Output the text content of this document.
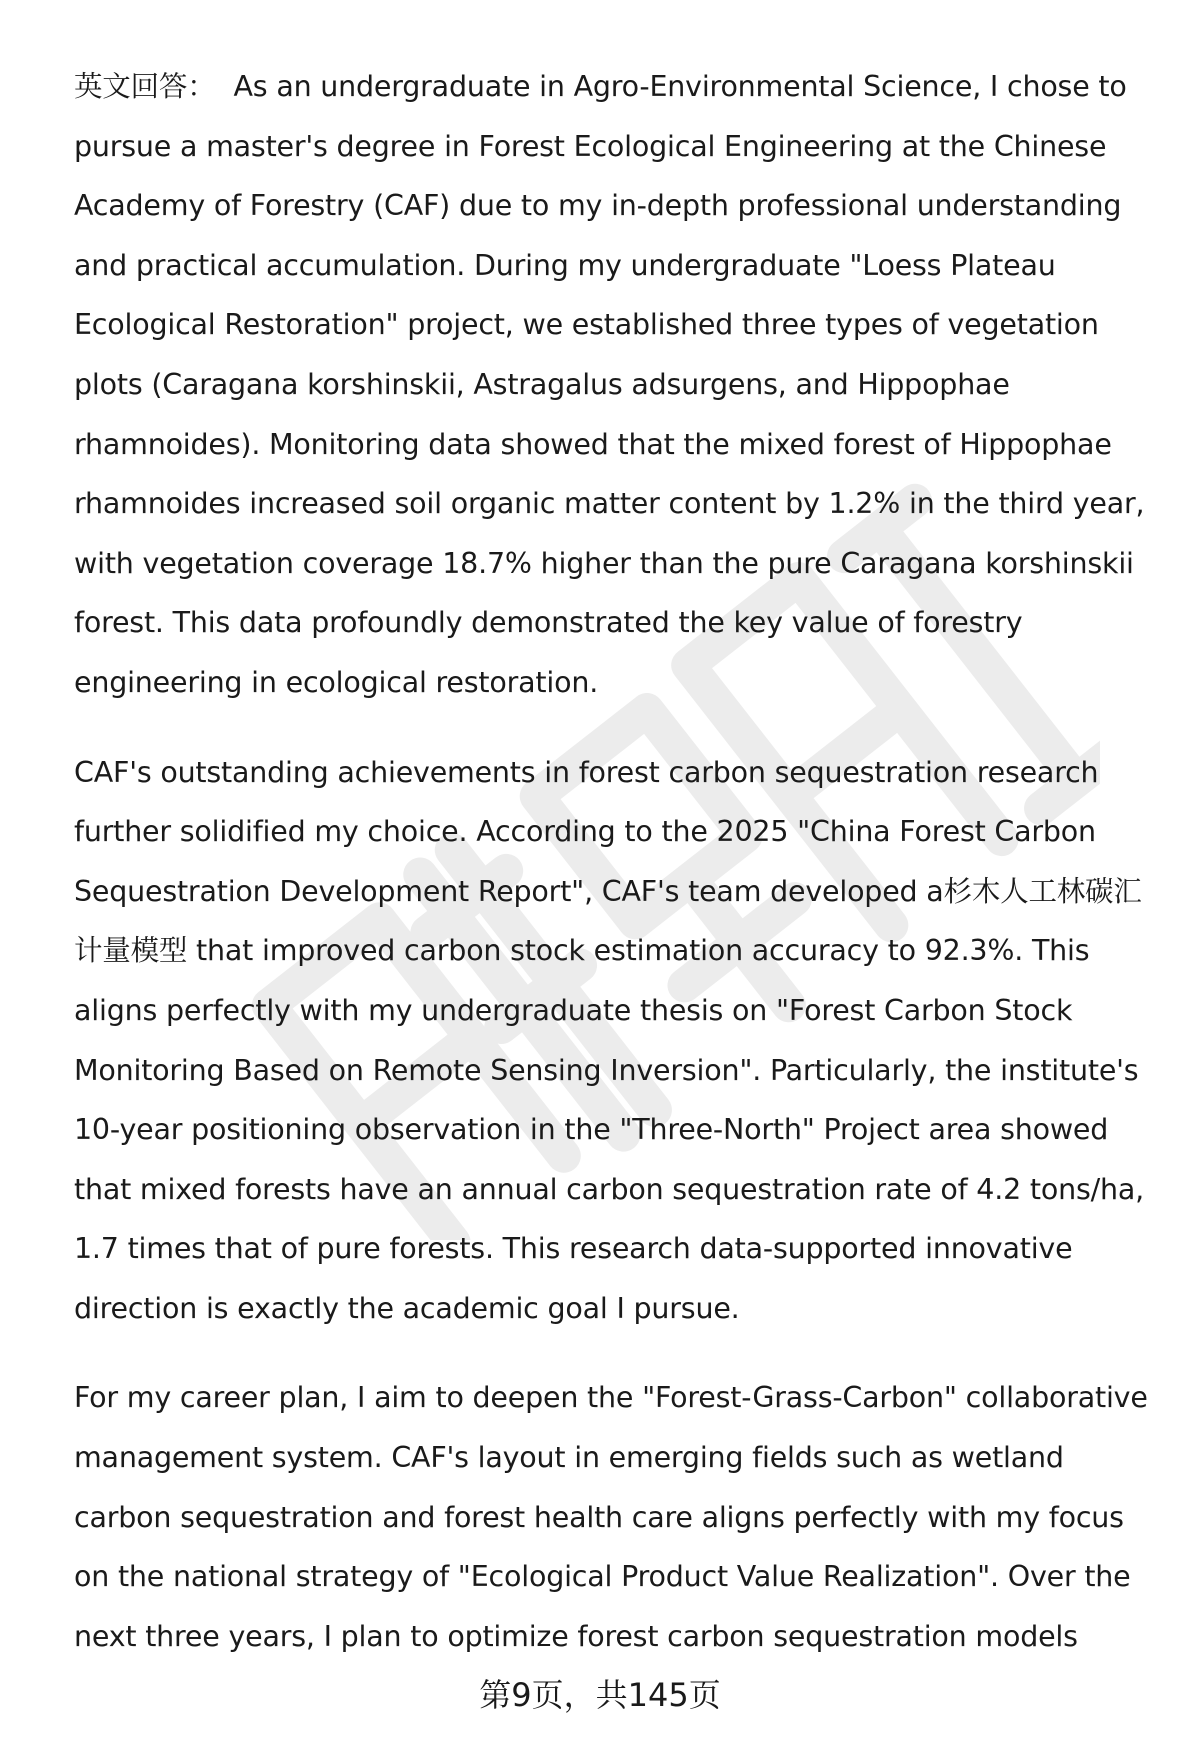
英文回答： As an undergraduate in Agro-Environmental Science, I chose to pursue a master's degree in Forest Ecological Engineering at the Chinese Academy of Forestry (CAF) due to my in-depth professional understanding and practical accumulation. During my undergraduate "Loess Plateau Ecological Restoration" project, we established three types of vegetation plots (Caragana korshinskii, Astragalus adsurgens, and Hippophae rhamnoides). Monitoring data showed that the mixed forest of Hippophae rhamnoides increased soil organic matter content by 1.2% in the third year, with vegetation coverage 18.7% higher than the pure Caragana korshinskii forest. This data profoundly demonstrated the key value of forestry engineering in ecological restoration.

CAF's outstanding achievements in forest carbon sequestration research further solidified my choice. According to the 2025 "China Forest Carbon Sequestration Development Report", CAF's team developed a杉木人工林碳汇计量模型 that improved carbon stock estimation accuracy to 92.3%. This aligns perfectly with my undergraduate thesis on "Forest Carbon Stock Monitoring Based on Remote Sensing Inversion". Particularly, the institute's 10-year positioning observation in the "Three-North" Project area showed that mixed forests have an annual carbon sequestration rate of 4.2 tons/ha, 1.7 times that of pure forests. This research data-supported innovative direction is exactly the academic goal I pursue.

For my career plan, I aim to deepen the "Forest-Grass-Carbon" collaborative management system. CAF's layout in emerging fields such as wetland carbon sequestration and forest health care aligns perfectly with my focus on the national strategy of "Ecological Product Value Realization". Over the next three years, I plan to optimize forest carbon sequestration models

第9页，共145页
